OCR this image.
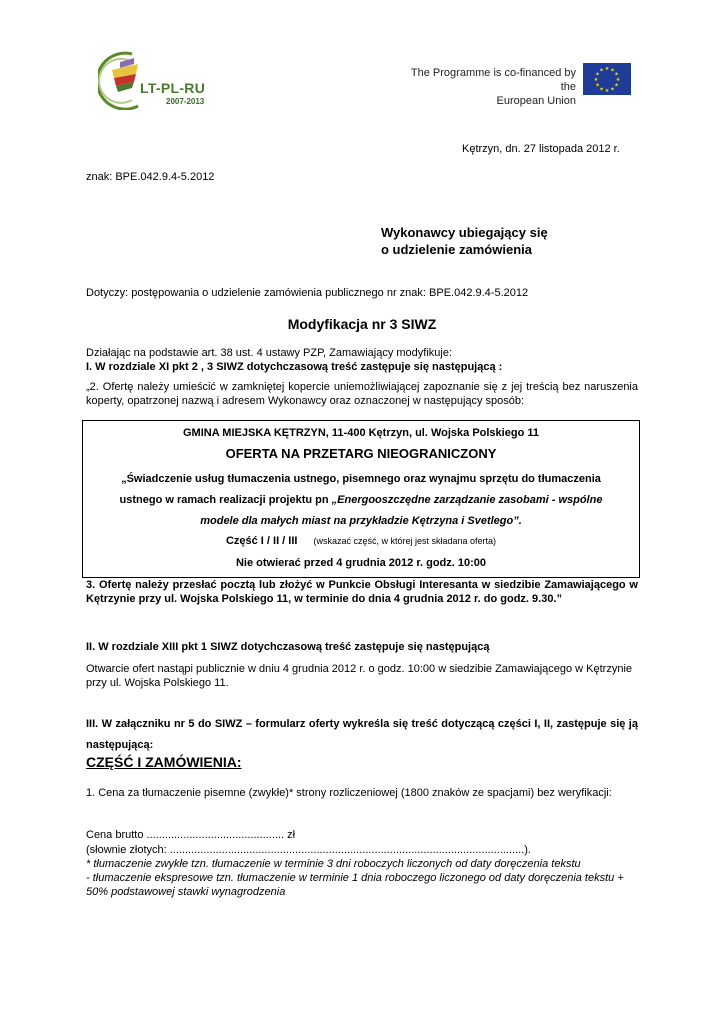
LT-PL-RU
2007-2013
The Programme is co-financed by the
European Union
★ ★
★
★
★
★
★
★
★
★
★
★
Kętrzyn, dn. 27 listopada 2012 r.
znak: BPE.042.9.4-5.2012
Wykonawcy ubiegający się
o udzielenie zamówienia
Dotyczy: postępowania o udzielenie zamówienia publicznego nr znak: BPE.042.9.4-5.2012
Modyfikacja nr 3 SIWZ
Działając na podstawie art. 38 ust. 4 ustawy PZP, Zamawiający modyfikuje:
I. W rozdziale XI pkt 2 , 3 SIWZ dotychczasową treść zastępuje się następującą :
„2. Ofertę należy umieścić w zamkniętej kopercie uniemożliwiającej zapoznanie się z jej treścią bez naruszenia koperty, opatrzonej nazwą i adresem Wykonawcy oraz oznaczonej w następujący sposób:
GMINA MIEJSKA KĘTRZYN, 11-400 Kętrzyn, ul. Wojska Polskiego 11
OFERTA NA PRZETARG NIEOGRANICZONY
„Świadczenie usług tłumaczenia ustnego, pisemnego oraz wynajmu sprzętu do tłumaczenia
ustnego w ramach realizacji projektu pn „Energooszczędne zarządzanie zasobami - wspólne
modele dla małych miast na przykładzie Kętrzyna i Svetlego”.
Część I / II / III (wskazać część, w której jest składana oferta)
Nie otwierać przed 4 grudnia 2012 r. godz. 10:00
3. Ofertę należy przesłać pocztą lub złożyć w Punkcie Obsługi Interesanta w siedzibie Zamawiającego w Kętrzynie przy ul. Wojska Polskiego 11, w terminie do dnia 4 grudnia 2012 r. do godz. 9.30.”
II. W rozdziale XIII pkt 1 SIWZ dotychczasową treść zastępuje się następującą
Otwarcie ofert nastąpi publicznie w dniu 4 grudnia 2012 r. o godz. 10:00 w siedzibie Zamawiającego w Kętrzynie przy ul. Wojska Polskiego 11.
III. W załączniku nr 5 do SIWZ – formularz oferty wykreśla się treść dotyczącą części I, II, zastępuje się ją następującą:
CZĘŚĆ I ZAMÓWIENIA:
1. Cena za tłumaczenie pisemne (zwykłe)* strony rozliczeniowej (1800 znaków ze spacjami) bez weryfikacji:
Cena brutto ............................................. zł
(słownie złotych: ....................................................................................................................).
* tłumaczenie zwykłe tzn. tłumaczenie w terminie 3 dni roboczych liczonych od daty doręczenia tekstu
- tłumaczenie ekspresowe tzn. tłumaczenie w terminie 1 dnia roboczego liczonego od daty doręczenia tekstu + 50% podstawowej stawki wynagrodzenia
